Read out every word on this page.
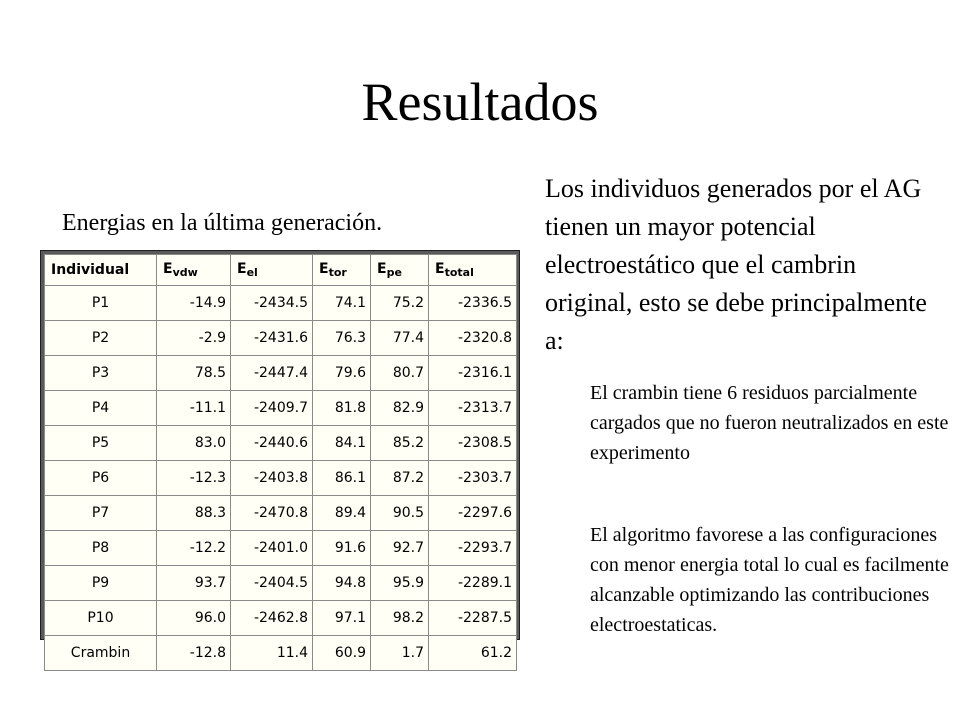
Resultados
Energias en la última generación.
Individual	$E_{vdw}$	$E_{el}$	$E_{tor}$	$E_{pe}$	$E_{total}$
P1	-14.9	-2434.5	74.1	75.2	-2336.5
P2	-2.9	-2431.6	76.3	77.4	-2320.8
P3	78.5	-2447.4	79.6	80.7	-2316.1
P4	-11.1	-2409.7	81.8	82.9	-2313.7
P5	83.0	-2440.6	84.1	85.2	-2308.5
P6	-12.3	-2403.8	86.1	87.2	-2303.7
P7	88.3	-2470.8	89.4	90.5	-2297.6
P8	-12.2	-2401.0	91.6	92.7	-2293.7
P9	93.7	-2404.5	94.8	95.9	-2289.1
P10	96.0	-2462.8	97.1	98.2	-2287.5
Crambin	-12.8	11.4	60.9	1.7	61.2
Los individuos generados por el AG tienen un mayor potencial electroestático que el cambrin original, esto se debe principalmente a:
El crambin tiene 6 residuos parcialmente cargados que no fueron neutralizados en este experimento
El algoritmo favorese a las configuraciones con menor energia total lo cual es facilmente alcanzable optimizando las contribuciones electroestaticas.
